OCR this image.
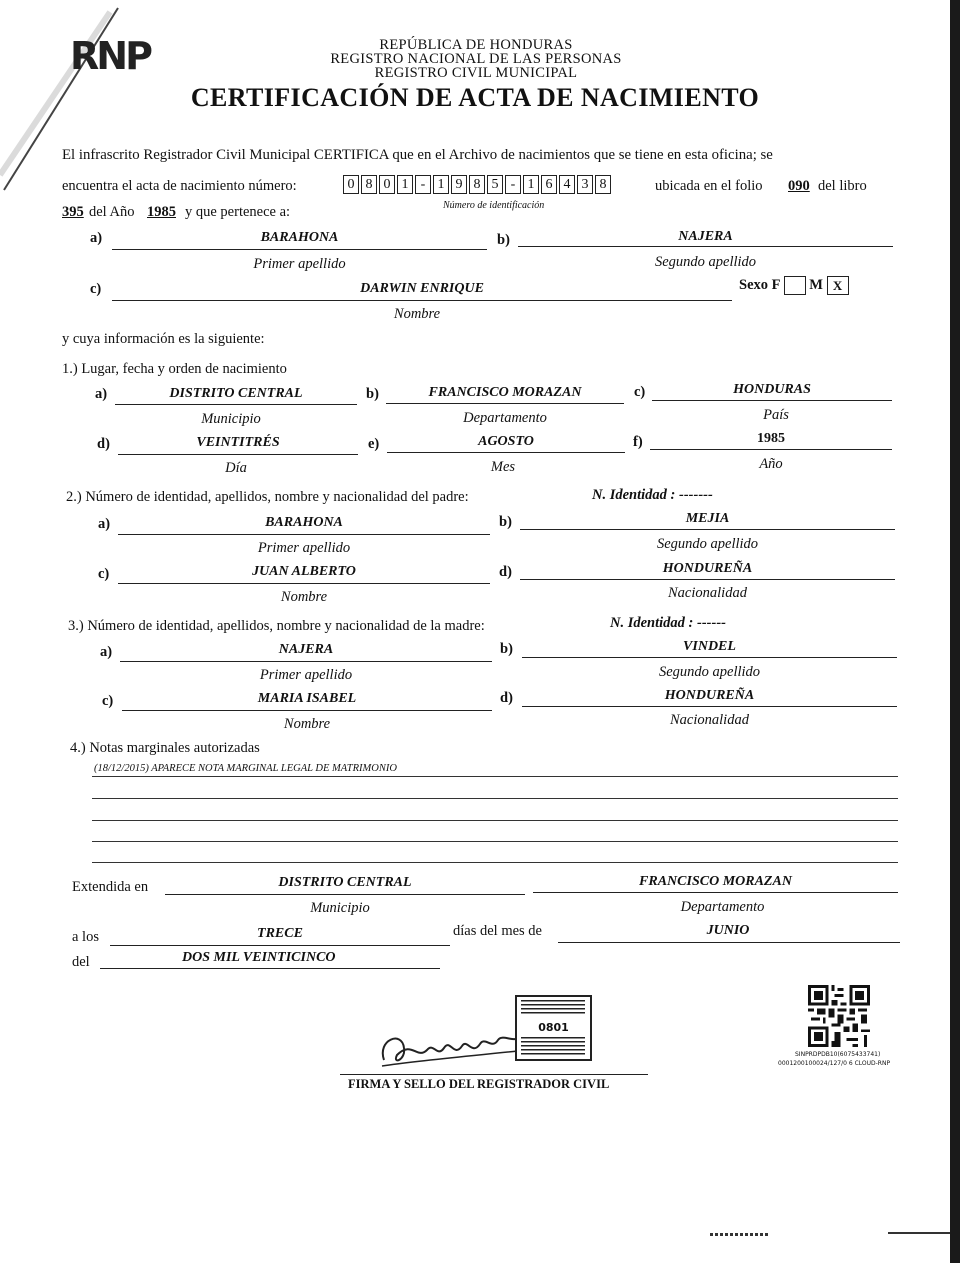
RNP	REPÚBLICA DE HONDURAS
REGISTRO NACIONAL DE LAS PERSONAS
REGISTRO CIVIL MUNICIPAL
CERTIFICACIÓN DE ACTA DE NACIMIENTO
El infrascrito Registrador Civil Municipal CERTIFICA que en el Archivo de nacimientos que se tiene en esta oficina; se
encuentra el acta de nacimiento número:	0 8 0 1 - 1 9 8 5 - 1 6 4 3 8
Número de identificación
ubicada en el folio 090 del libro
395 del Año 1985 y que pertenece a:
a)	BARAHONA
Primer apellido
b)	NAJERA
Segundo apellido
c)	DARWIN ENRIQUE
Nombre
Sexo F M X
y cuya información es la siguiente:
1.) Lugar, fecha y orden de nacimiento
a)	DISTRITO CENTRAL
Municipio
b)	FRANCISCO MORAZAN
Departamento
c)	HONDURAS
País
d)	VEINTITRÉS
Día
e)	AGOSTO
Mes
f)	1985
Año
2.) Número de identidad, apellidos, nombre y nacionalidad del padre:	N. Identidad : -------
a)	BARAHONA
Primer apellido
b)	MEJIA
Segundo apellido
c)	JUAN ALBERTO
Nombre
d)	HONDUREÑA
Nacionalidad
3.) Número de identidad, apellidos, nombre y nacionalidad de la madre:	N. Identidad : ------
a)	NAJERA
Primer apellido
b)	VINDEL
Segundo apellido
c)	MARIA ISABEL
Nombre
d)	HONDUREÑA
Nacionalidad
4.) Notas marginales autorizadas
(18/12/2015) APARECE NOTA MARGINAL LEGAL DE MATRIMONIO
Extendida en	DISTRITO CENTRAL
Municipio
FRANCISCO MORAZAN
Departamento
a los	TRECE	días del mes de	JUNIO
del	DOS MIL VEINTICINCO
0801
FIRMA Y SELLO DEL REGISTRADOR CIVIL
SINPRDPDB10(6075433741)
0001200100024/127/0 6 CLOUD-RNP
